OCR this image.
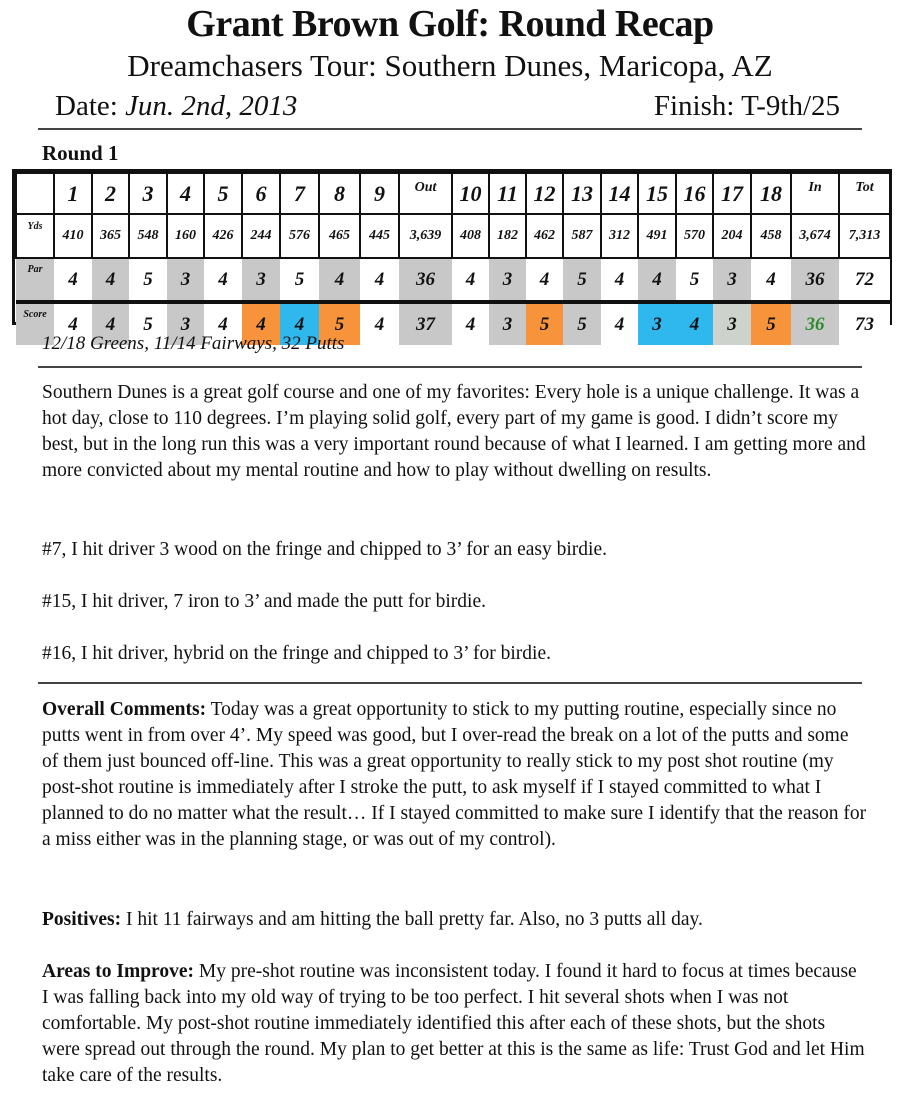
Grant Brown Golf: Round Recap
Dreamchasers Tour: Southern Dunes, Maricopa, AZ
Date: Jun. 2nd, 2013	Finish: T-9th/25
Round 1
	1	2	3	4	5	6	7	8	9	Out	10	11	12	13	14	15	16	17	18	In	Tot
Yds	410	365	548	160	426	244	576	465	445	3,639	408	182	462	587	312	491	570	204	458	3,674	7,313
Par	4	4	5	3	4	3	5	4	4	36	4	3	4	5	4	4	5	3	4	36	72
Score	4	4	5	3	4	4	4	5	4	37	4	3	5	5	4	3	4	3	5	36	73
12/18 Greens, 11/14 Fairways, 32 Putts
Southern Dunes is a great golf course and one of my favorites: Every hole is a unique challenge. It was a hot day, close to 110 degrees. I’m playing solid golf, every part of my game is good. I didn’t score my best, but in the long run this was a very important round because of what I learned. I am getting more and more convicted about my mental routine and how to play without dwelling on results.
#7, I hit driver 3 wood on the fringe and chipped to 3’ for an easy birdie.
#15, I hit driver, 7 iron to 3’ and made the putt for birdie.
#16, I hit driver, hybrid on the fringe and chipped to 3’ for birdie.
Overall Comments: Today was a great opportunity to stick to my putting routine, especially since no putts went in from over 4’. My speed was good, but I over-read the break on a lot of the putts and some of them just bounced off-line. This was a great opportunity to really stick to my post shot routine (my post-shot routine is immediately after I stroke the putt, to ask myself if I stayed committed to what I planned to do no matter what the result… If I stayed committed to make sure I identify that the reason for a miss either was in the planning stage, or was out of my control).
Positives: I hit 11 fairways and am hitting the ball pretty far. Also, no 3 putts all day.
Areas to Improve: My pre-shot routine was inconsistent today. I found it hard to focus at times because I was falling back into my old way of trying to be too perfect. I hit several shots when I was not comfortable. My post-shot routine immediately identified this after each of these shots, but the shots were spread out through the round. My plan to get better at this is the same as life: Trust God and let Him take care of the results.
